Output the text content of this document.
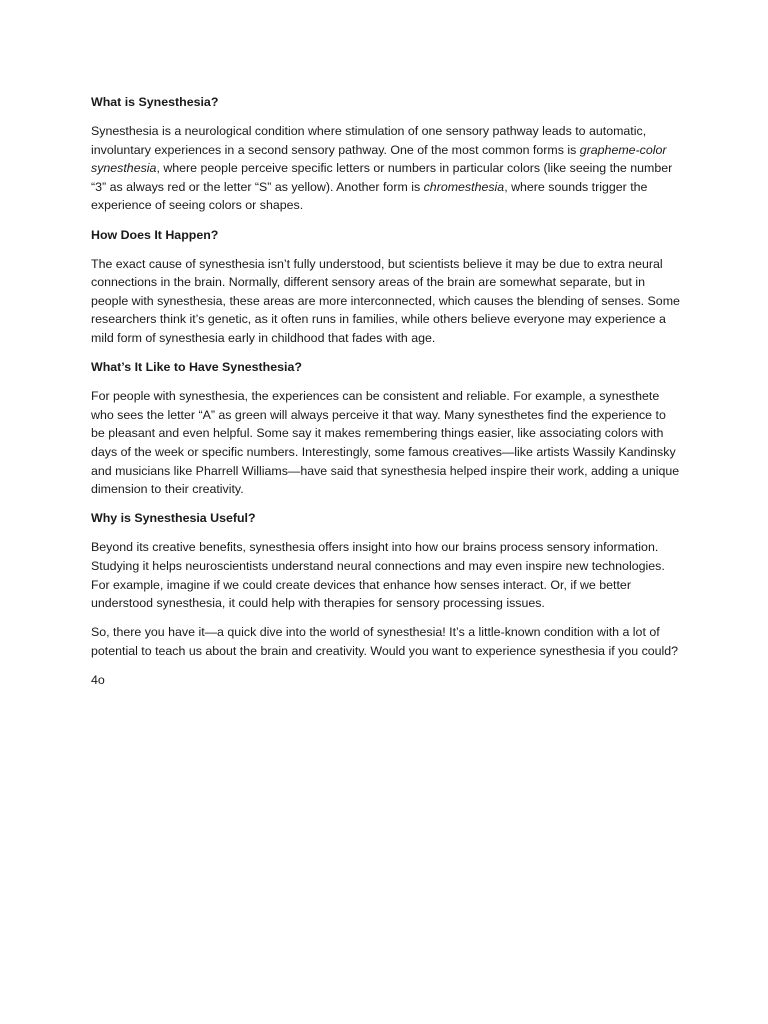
What is Synesthesia?

Synesthesia is a neurological condition where stimulation of one sensory pathway leads to automatic, involuntary experiences in a second sensory pathway. One of the most common forms is grapheme-color synesthesia, where people perceive specific letters or numbers in particular colors (like seeing the number “3” as always red or the letter “S” as yellow). Another form is chromesthesia, where sounds trigger the experience of seeing colors or shapes.

How Does It Happen?

The exact cause of synesthesia isn’t fully understood, but scientists believe it may be due to extra neural connections in the brain. Normally, different sensory areas of the brain are somewhat separate, but in people with synesthesia, these areas are more interconnected, which causes the blending of senses. Some researchers think it’s genetic, as it often runs in families, while others believe everyone may experience a mild form of synesthesia early in childhood that fades with age.

What’s It Like to Have Synesthesia?

For people with synesthesia, the experiences can be consistent and reliable. For example, a synesthete who sees the letter “A” as green will always perceive it that way. Many synesthetes find the experience to be pleasant and even helpful. Some say it makes remembering things easier, like associating colors with days of the week or specific numbers. Interestingly, some famous creatives—like artists Wassily Kandinsky and musicians like Pharrell Williams—have said that synesthesia helped inspire their work, adding a unique dimension to their creativity.

Why is Synesthesia Useful?

Beyond its creative benefits, synesthesia offers insight into how our brains process sensory information. Studying it helps neuroscientists understand neural connections and may even inspire new technologies. For example, imagine if we could create devices that enhance how senses interact. Or, if we better understood synesthesia, it could help with therapies for sensory processing issues.

So, there you have it—a quick dive into the world of synesthesia! It’s a little-known condition with a lot of potential to teach us about the brain and creativity. Would you want to experience synesthesia if you could?

4o
